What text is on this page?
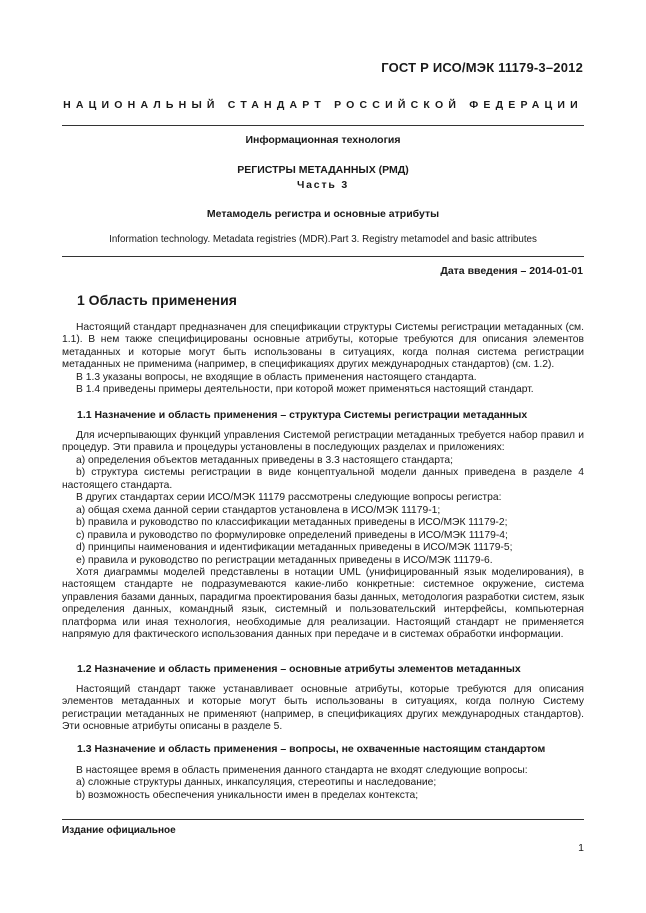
ГОСТ Р ИСО/МЭК 11179-3–2012
НАЦИОНАЛЬНЫЙ СТАНДАРТ РОССИЙСКОЙ ФЕДЕРАЦИИ
Информационная технология
РЕГИСТРЫ МЕТАДАННЫХ (РМД)
Часть 3
Метамодель регистра и основные атрибуты
Information technology. Metadata registries (MDR).Part 3. Registry metamodel and basic attributes
Дата введения – 2014-01-01
1 Область применения

Настоящий стандарт предназначен для спецификации структуры Системы регистрации метаданных (см. 1.1). В нем также специфицированы основные атрибуты, которые требуются для описания элементов метаданных и которые могут быть использованы в ситуациях, когда полная система регистрации метаданных не применима (например, в спецификациях других международных стандартов) (см. 1.2).

В 1.3 указаны вопросы, не входящие в область применения настоящего стандарта.

В 1.4 приведены примеры деятельности, при которой может применяться настоящий стандарт.

1.1 Назначение и область применения – структура Системы регистрации метаданных

Для исчерпывающих функций управления Системой регистрации метаданных требуется набор правил и процедур. Эти правила и процедуры установлены в последующих разделах и приложениях:

а) определения объектов метаданных приведены в 3.3 настоящего стандарта;

b) структура системы регистрации в виде концептуальной модели данных приведена в разделе 4 настоящего стандарта.

В других стандартах серии ИСО/МЭК 11179 рассмотрены следующие вопросы регистра:

а) общая схема данной серии стандартов установлена в ИСО/МЭК 11179-1;

b) правила и руководство по классификации метаданных приведены в ИСО/МЭК 11179-2;

c) правила и руководство по формулировке определений приведены в ИСО/МЭК 11179-4;

d) принципы наименования и идентификации метаданных приведены в ИСО/МЭК 11179-5;

е) правила и руководство по регистрации метаданных приведены в ИСО/МЭК 11179-6.

Хотя диаграммы моделей представлены в нотации UML (унифицированный язык моделирования), в настоящем стандарте не подразумеваются какие-либо конкретные: системное окружение, система управления базами данных, парадигма проектирования базы данных, методология разработки систем, язык определения данных, командный язык, системный и пользовательский интерфейсы, компьютерная платформа или иная технология, необходимые для реализации. Настоящий стандарт не применяется напрямую для фактического использования данных при передаче и в системах обработки информации.

1.2 Назначение и область применения – основные атрибуты элементов метаданных

Настоящий стандарт также устанавливает основные атрибуты, которые требуются для описания элементов метаданных и которые могут быть использованы в ситуациях, когда полную Систему регистрации метаданных не применяют (например, в спецификациях других международных стандартов). Эти основные атрибуты описаны в разделе 5.

1.3 Назначение и область применения – вопросы, не охваченные настоящим стандартом

В настоящее время в область применения данного стандарта не входят следующие вопросы:

а) сложные структуры данных, инкапсуляция, стереотипы и наследование;

b) возможность обеспечения уникальности имен в пределах контекста;

Издание официальное
1
